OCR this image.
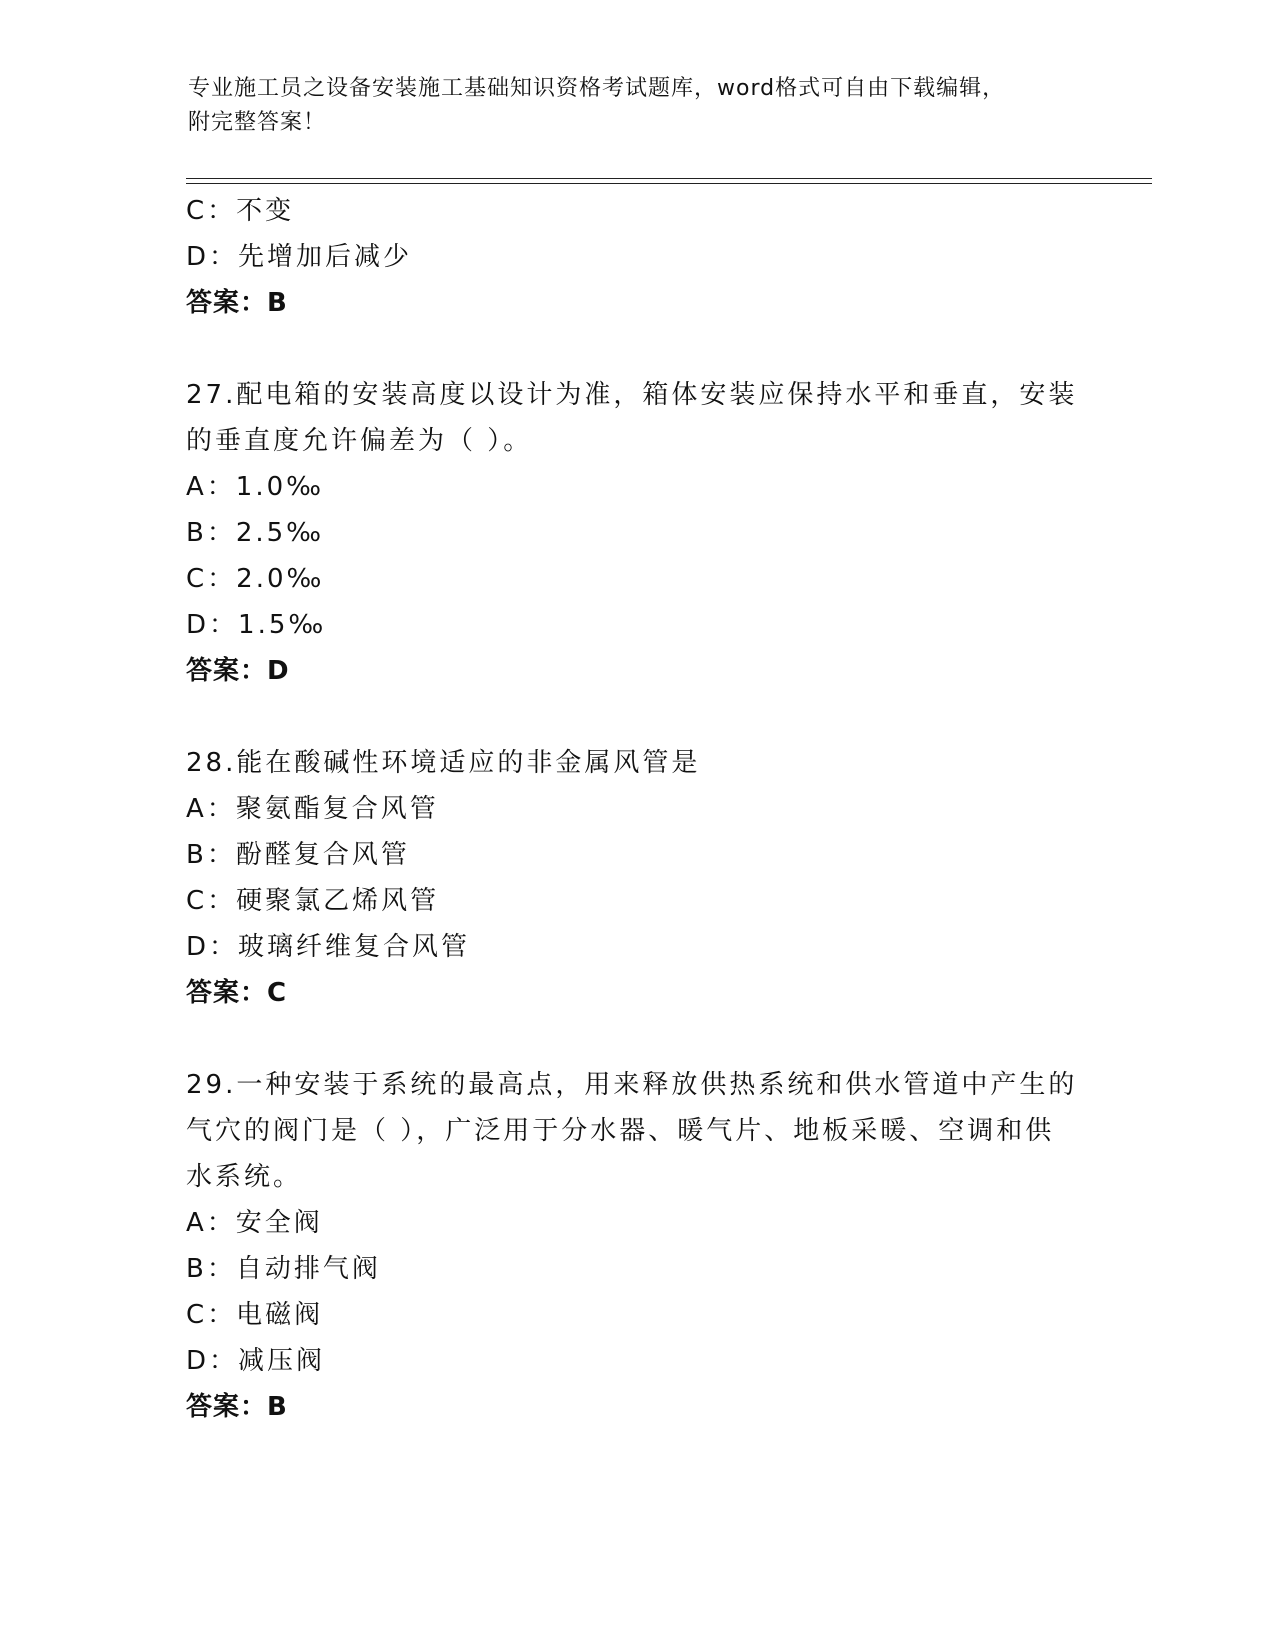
专业施工员之设备安装施工基础知识资格考试题库，word格式可自由下载编辑，
附完整答案！
C：不变
D：先增加后减少
答案：B
27.配电箱的安装高度以设计为准，箱体安装应保持水平和垂直，安装
的垂直度允许偏差为（ ）。
A：1.0‰
B：2.5‰
C：2.0‰
D：1.5‰
答案：D
28.能在酸碱性环境适应的非金属风管是
A：聚氨酯复合风管
B：酚醛复合风管
C：硬聚氯乙烯风管
D：玻璃纤维复合风管
答案：C
29.一种安装于系统的最高点，用来释放供热系统和供水管道中产生的
气穴的阀门是（ ），广泛用于分水器、暖气片、地板采暖、空调和供
水系统。
A：安全阀
B：自动排气阀
C：电磁阀
D：减压阀
答案：B
